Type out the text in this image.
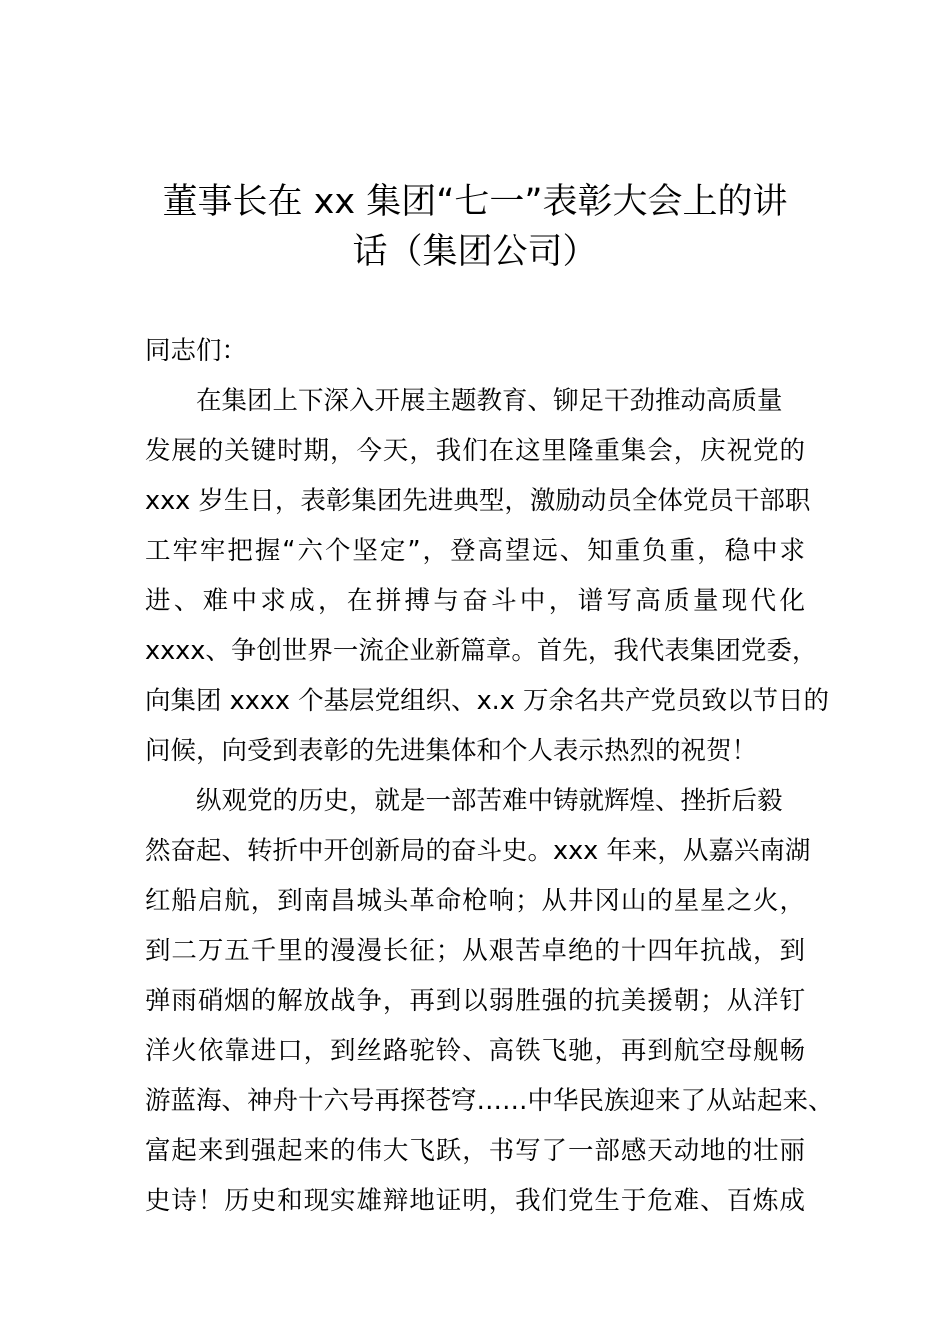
董事长在 xx 集团“七一”表彰大会上的讲
话（集团公司）

同志们：

　　在集团上下深入开展主题教育、铆足干劲推动高质量

发展的关键时期，今天，我们在这里隆重集会，庆祝党的

xxx 岁生日，表彰集团先进典型，激励动员全体党员干部职

工牢牢把握“六个坚定”，登高望远、知重负重，稳中求

进、难中求成，在拼搏与奋斗中，谱写高质量现代化

xxxx、争创世界一流企业新篇章。首先，我代表集团党委，

向集团 xxxx 个基层党组织、x.x 万余名共产党员致以节日的

问候，向受到表彰的先进集体和个人表示热烈的祝贺！

　　纵观党的历史，就是一部苦难中铸就辉煌、挫折后毅

然奋起、转折中开创新局的奋斗史。xxx 年来，从嘉兴南湖

红船启航，到南昌城头革命枪响；从井冈山的星星之火，

到二万五千里的漫漫长征；从艰苦卓绝的十四年抗战，到

弹雨硝烟的解放战争，再到以弱胜强的抗美援朝；从洋钉

洋火依靠进口，到丝路驼铃、高铁飞驰，再到航空母舰畅

游蓝海、神舟十六号再探苍穹……中华民族迎来了从站起来、

富起来到强起来的伟大飞跃，书写了一部感天动地的壮丽

史诗！历史和现实雄辩地证明，我们党生于危难、百炼成
